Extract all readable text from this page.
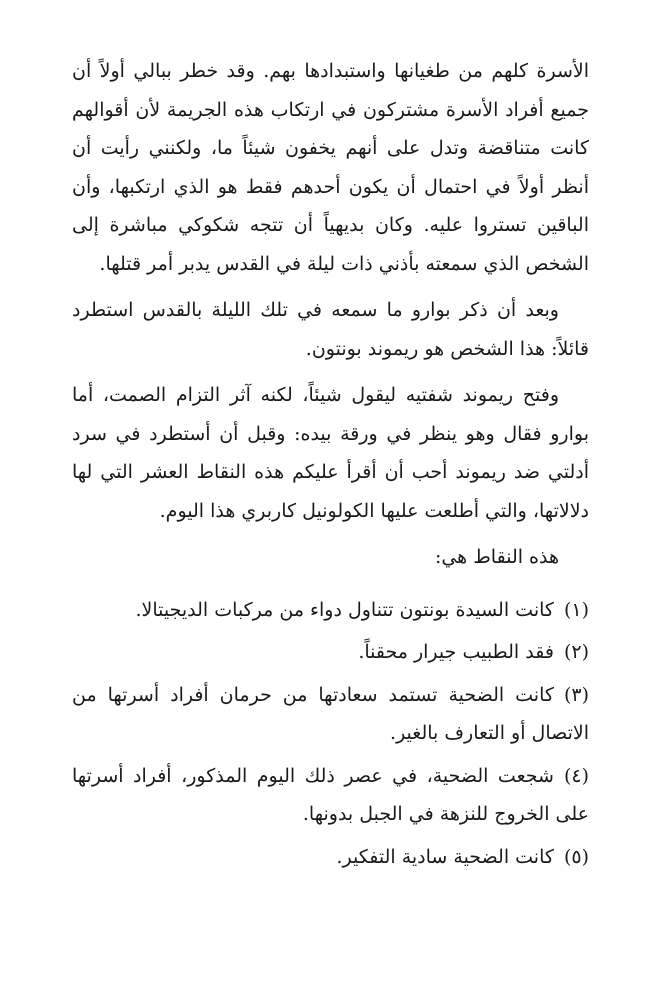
الأسرة كلهم من طغيانها واستبدادها بهم. وقد خطر ببالي أولاً أن جميع أفراد الأسرة مشتركون في ارتكاب هذه الجريمة لأن أقوالهم كانت متناقضة وتدل على أنهم يخفون شيئاً ما، ولكنني رأيت أن أنظر أولاً في احتمال أن يكون أحدهم فقط هو الذي ارتكبها، وأن الباقين تستروا عليه. وكان بديهياً أن تتجه شكوكي مباشرة إلى الشخص الذي سمعته بأذني ذات ليلة في القدس يدبر أمر قتلها.

وبعد أن ذكر بوارو ما سمعه في تلك الليلة بالقدس استطرد قائلاً: هذا الشخص هو ريموند بونتون.

وفتح ريموند شفتيه ليقول شيئاً، لكنه آثر التزام الصمت، أما بوارو فقال وهو ينظر في ورقة بيده: وقبل أن أستطرد في سرد أدلتي ضد ريموند أحب أن أقرأ عليكم هذه النقاط العشر التي لها دلالاتها، والتي أطلعت عليها الكولونيل كاربري هذا اليوم.

هذه النقاط هي:

(١)كانت السيدة بونتون تتناول دواء من مركبات الديجيتالا.

(٢)فقد الطبيب جيرار محقناً.

(٣)كانت الضحية تستمد سعادتها من حرمان أفراد أسرتها من الاتصال أو التعارف بالغير.

(٤)شجعت الضحية، في عصر ذلك اليوم المذكور، أفراد أسرتها على الخروج للنزهة في الجبل بدونها.

(٥)كانت الضحية سادية التفكير.
